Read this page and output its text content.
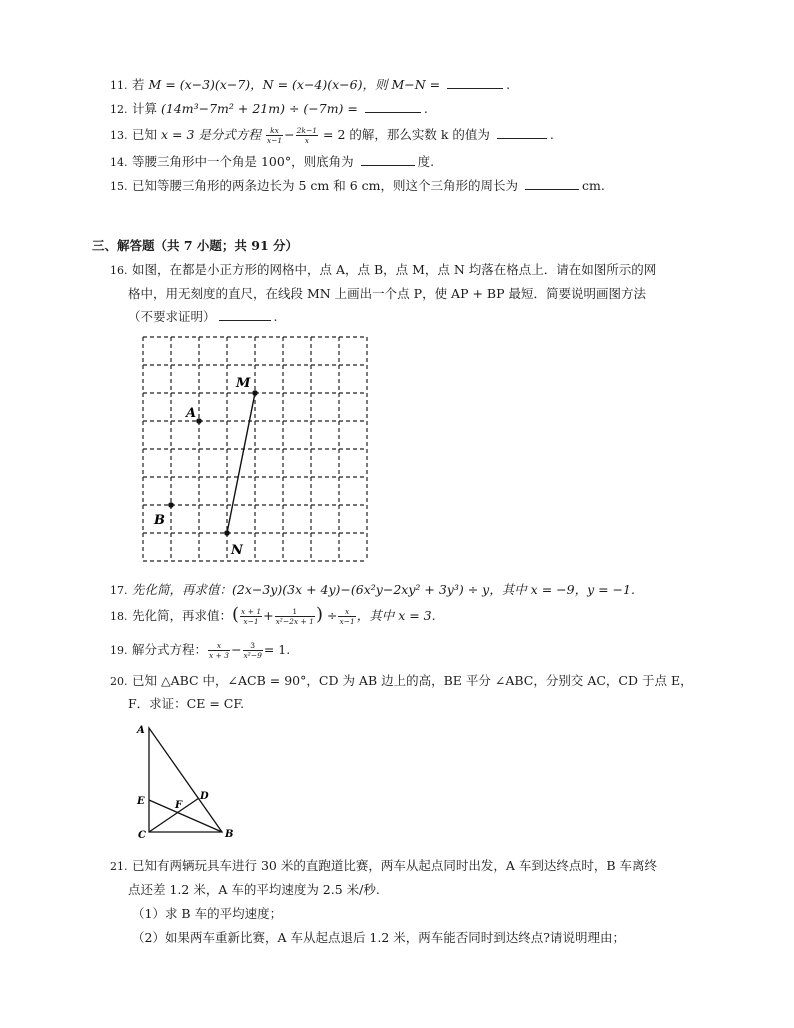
11. 若 M = (x−3)(x−7)，N = (x−4)(x−6)，则 M−N =	.
12. 计算 (14m³−7m² + 21m) ÷ (−7m) =	.
13. 已知 x = 3 是分式方程 $\frac{kx}{x-1} - \frac{2k-1}{x} = 2$ 的解，那么实数 k 的值为	.
14. 等腰三角形中一个角是 100°，则底角为	度.
15. 已知等腰三角形的两条边长为 5 cm 和 6 cm，则这个三角形的周长为	cm.
三、解答题（共 7 小题；共 91 分）
16. 如图，在都是小正方形的网格中，点 A，点 B，点 M，点 N 均落在格点上．请在如图所示的网
格中，用无刻度的直尺，在线段 MN 上画出一个点 P，使 AP + BP 最短．简要说明画图方法
（不要求证明）	.
M
A
B
N
17. 先化简，再求值：(2x−3y)(3x + 4y)−(6x²y−2xy² + 3y³) ÷ y，其中 x = −9，y = −1.
18. 先化简，再求值：( $\frac{x + 1}{x-1} + \frac{1}{\text{x²−2x + 1}}$ ) ÷ $\frac{x}{x-1}$ ，其中 x = 3.
19. 解分式方程： $\frac{x}{x + 3} - \frac{3}{\text{x²−9}} = 1$.
20. 已知 △ABC 中，∠ACB = 90°，CD 为 AB 边上的高，BE 平分 ∠ABC，分别交 AC，CD 于点 E，
F．求证：CE = CF.
A
E	F
D
C	B
21. 已知有两辆玩具车进行 30 米的直跑道比赛，两车从起点同时出发，A 车到达终点时，B 车离终
点还差 1.2 米，A 车的平均速度为 2.5 米/秒.
（1）求 B 车的平均速度；
（2）如果两车重新比赛，A 车从起点退后 1.2 米，两车能否同时到达终点?请说明理由；
